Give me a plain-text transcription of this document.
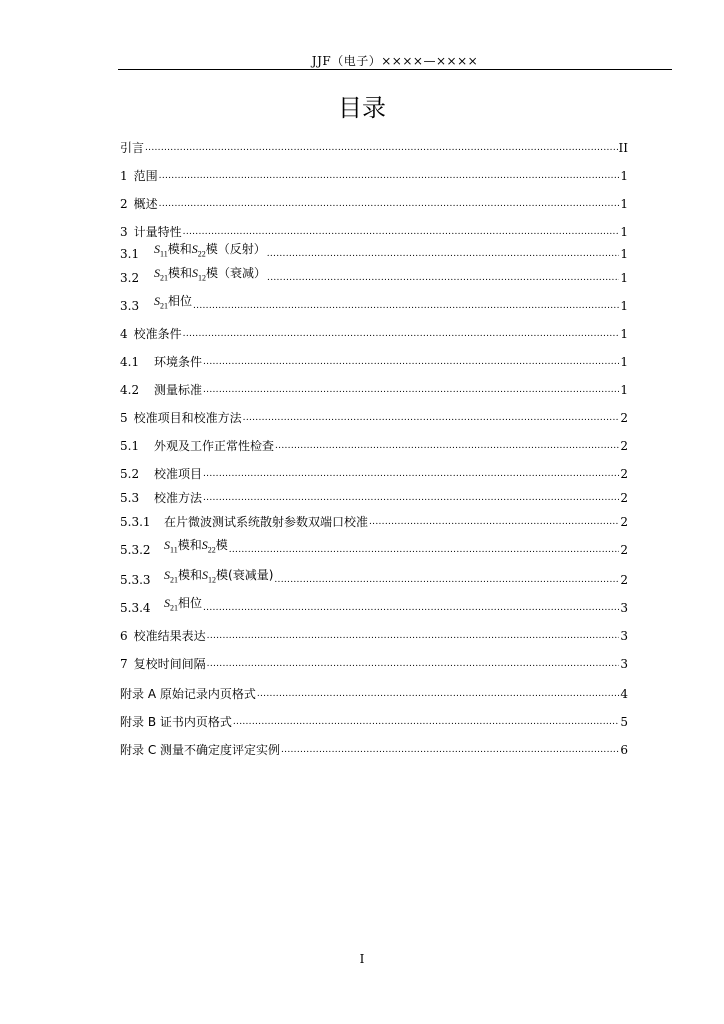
JJF（电子）××××—××××
目录
引言 .....	II
1 范围 .....	1
2 概述 .....	1
3 计量特性 .....	1
3.1	$S_{11}$模和$S_{22}$模（反射） .....	1
3.2	$S_{21}$模和$S_{12}$模（衰减） .....	1
3.3	$S_{21}$相位 .....	1
4 校准条件 .....	1
4.1	环境条件 .....	1
4.2	测量标准 .....	1
5 校准项目和校准方法 .....	2
5.1	外观及工作正常性检查 .....	2
5.2	校准项目 .....	2
5.3	校准方法 .....	2
5.3.1	在片微波测试系统散射参数双端口校准 .....	2
5.3.2	$S_{11}$模和$S_{22}$模 .....	2
5.3.3	$S_{21}$模和$S_{12}$模(衰减量) .....	2
5.3.4	$S_{21}$相位 .....	3
6 校准结果表达 .....	3
7 复校时间间隔 .....	3
附录 A 原始记录内页格式 .....	4
附录 B 证书内页格式 .....	5
附录 C 测量不确定度评定实例 .....	6
I
